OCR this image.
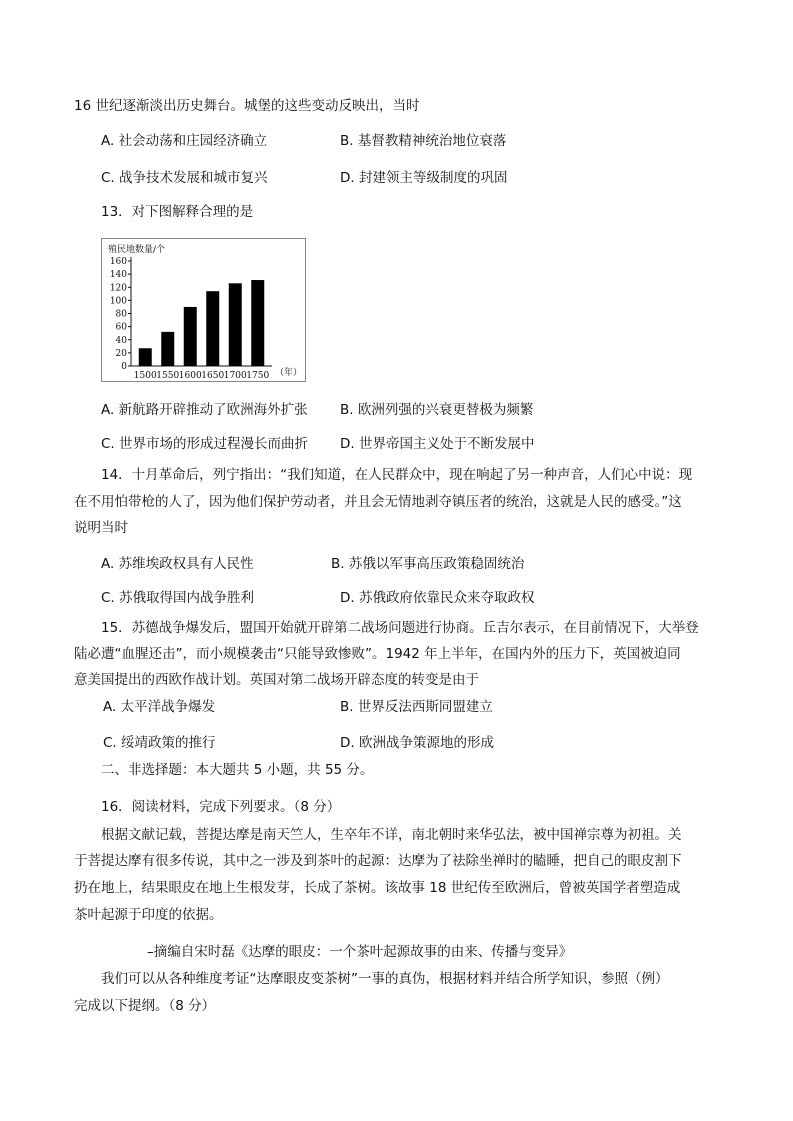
16 世纪逐渐淡出历史舞台。城堡的这些变动反映出，当时
A. 社会动荡和庄园经济确立	B. 基督教精神统治地位衰落
C. 战争技术发展和城市复兴	D. 封建领主等级制度的巩固
13．对下图解释合理的是
殖民地数量/个
（年）
0
20
40
60
80
100
120
140
160
1500 1550 1600 1650 1700 1750
A. 新航路开辟推动了欧洲海外扩张 B. 欧洲列强的兴衰更替极为频繁
C. 世界市场的形成过程漫长而曲折 D. 世界帝国主义处于不断发展中
14．十月革命后，列宁指出：“我们知道，在人民群众中，现在响起了另一种声音，人们心中说：现
在不用怕带枪的人了，因为他们保护劳动者，并且会无情地剥夺镇压者的统治，这就是人民的感受。”这
说明当时
A. 苏维埃政权具有人民性	B. 苏俄以军事高压政策稳固统治
C. 苏俄取得国内战争胜利	D. 苏俄政府依靠民众来夺取政权
15．苏德战争爆发后，盟国开始就开辟第二战场问题进行协商。丘吉尔表示，在目前情况下，大举登
陆必遭“血腥还击”，而小规模袭击“只能导致惨败”。1942 年上半年，在国内外的压力下，英国被迫同
意美国提出的西欧作战计划。英国对第二战场开辟态度的转变是由于
A. 太平洋战争爆发	B. 世界反法西斯同盟建立
C. 绥靖政策的推行	D. 欧洲战争策源地的形成
二、非选择题：本大题共 5 小题，共 55 分。
16．阅读材料，完成下列要求。（8 分）
根据文献记载，菩提达摩是南天竺人，生卒年不详，南北朝时来华弘法，被中国禅宗尊为初祖。关
于菩提达摩有很多传说，其中之一涉及到茶叶的起源：达摩为了祛除坐禅时的瞌睡，把自己的眼皮割下
扔在地上，结果眼皮在地上生根发芽，长成了茶树。该故事 18 世纪传至欧洲后，曾被英国学者塑造成
茶叶起源于印度的依据。
–摘编自宋时磊《达摩的眼皮：一个茶叶起源故事的由来、传播与变异》
我们可以从各种维度考证“达摩眼皮变茶树”一事的真伪，根据材料并结合所学知识，参照（例）
完成以下提纲。（8 分）
